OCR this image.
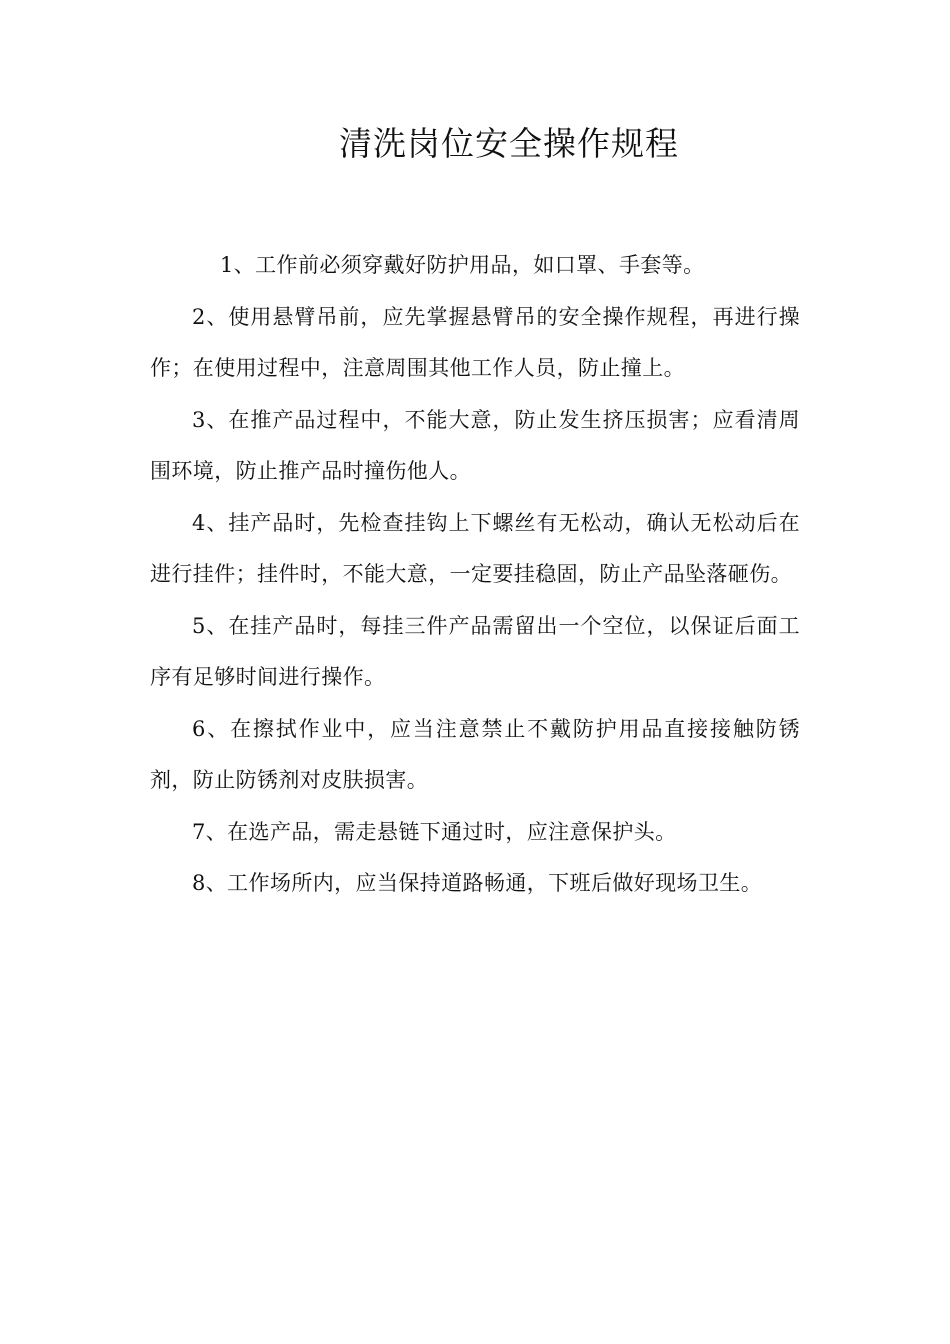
清洗岗位安全操作规程

1、工作前必须穿戴好防护用品，如口罩、手套等。

2、使用悬臂吊前，应先掌握悬臂吊的安全操作规程，再进行操作；在使用过程中，注意周围其他工作人员，防止撞上。

3、在推产品过程中，不能大意，防止发生挤压损害；应看清周围环境，防止推产品时撞伤他人。

4、挂产品时，先检查挂钩上下螺丝有无松动，确认无松动后在进行挂件；挂件时，不能大意，一定要挂稳固，防止产品坠落砸伤。

5、在挂产品时，每挂三件产品需留出一个空位，以保证后面工序有足够时间进行操作。

6、在擦拭作业中，应当注意禁止不戴防护用品直接接触防锈剂，防止防锈剂对皮肤损害。

7、在选产品，需走悬链下通过时，应注意保护头。

8、工作场所内，应当保持道路畅通，下班后做好现场卫生。
